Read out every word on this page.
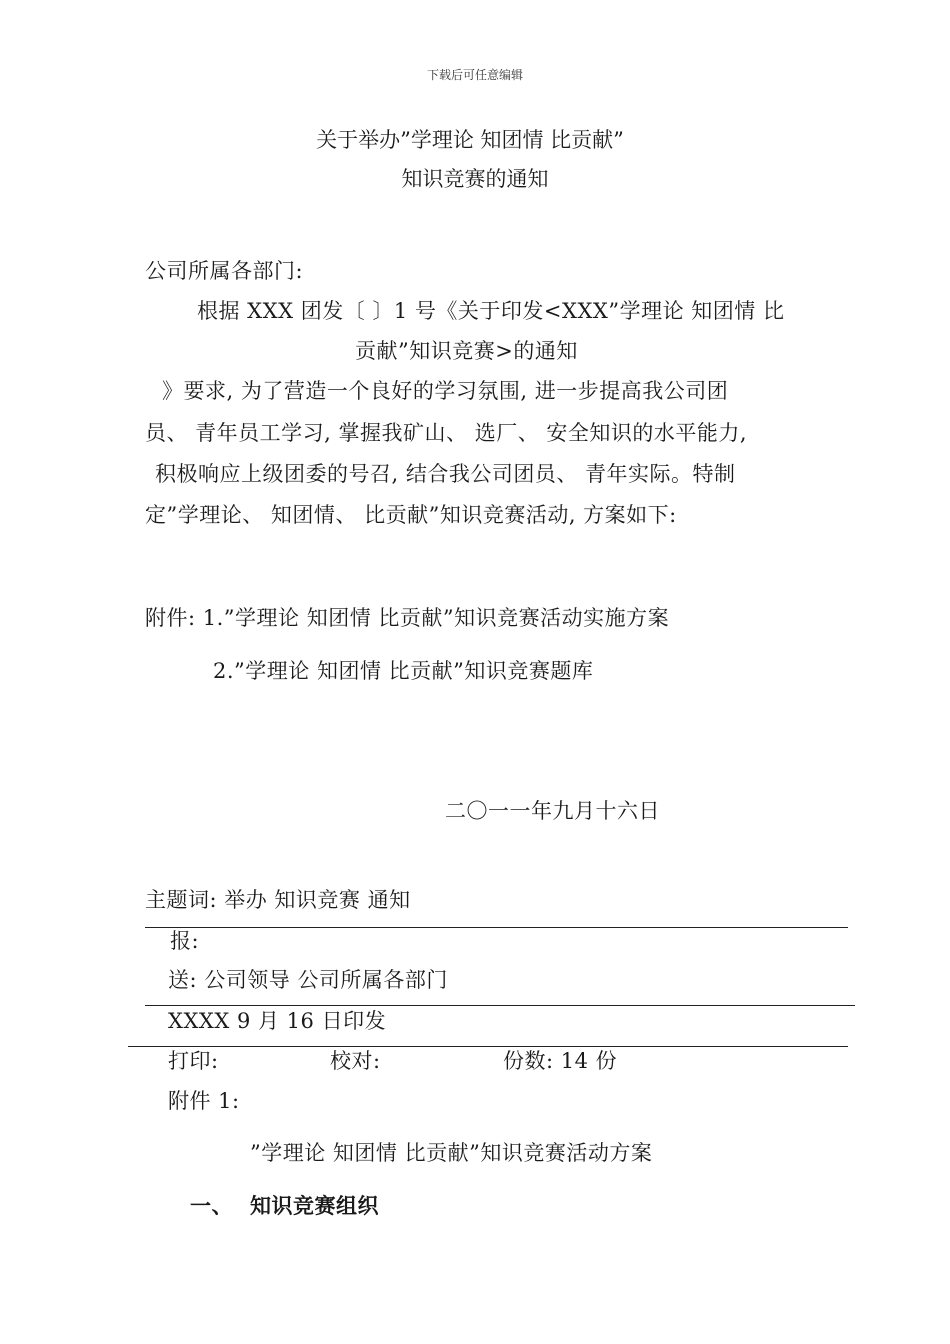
下载后可任意编辑
关于举办”学理论 知团情 比贡献”
知识竞赛的通知
公司所属各部门:
根据 XXX 团发〔 〕1 号《关于印发<XXX”学理论 知团情 比
贡献”知识竞赛>的通知
》要求, 为了营造一个良好的学习氛围, 进一步提高我公司团
员、 青年员工学习, 掌握我矿山、 选厂、 安全知识的水平能力,
积极响应上级团委的号召, 结合我公司团员、 青年实际。特制
定”学理论、 知团情、 比贡献”知识竞赛活动, 方案如下:
附件: 1.”学理论 知团情 比贡献”知识竞赛活动实施方案
2.”学理论 知团情 比贡献”知识竞赛题库
二〇一一年九月十六日
主题词: 举办 知识竞赛 通知
报:
送: 公司领导 公司所属各部门
XXXX 9 月 16 日印发
打印:	校对:	份数: 14 份
附件 1:
”学理论 知团情 比贡献”知识竞赛活动方案
一、 知识竞赛组织
